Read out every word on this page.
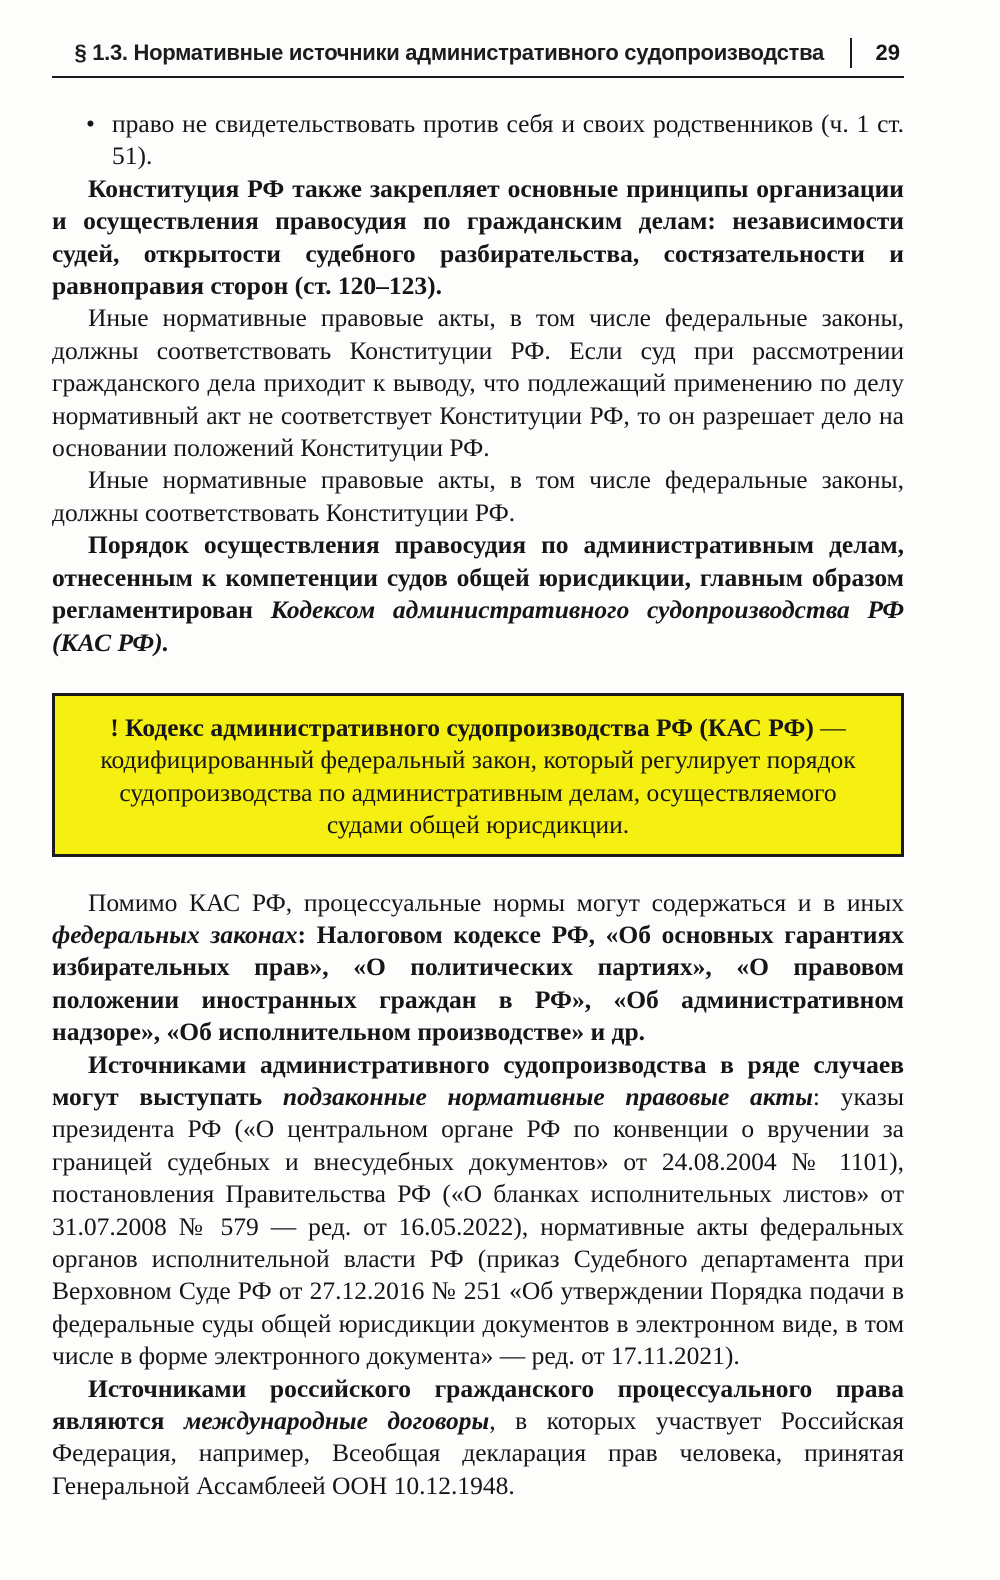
§ 1.3. Нормативные источники административного судопроизводства 29

• право не свидетельствовать против себя и своих родственников (ч. 1 ст. 51).

Конституция РФ также закрепляет основные принципы организации и осуществления правосудия по гражданским делам: независимости судей, открытости судебного разбирательства, состязательности и равноправия сторон (ст. 120–123).

Иные нормативные правовые акты, в том числе федеральные законы, должны соответствовать Конституции РФ. Если суд при рассмотрении гражданского дела приходит к выводу, что подлежащий применению по делу нормативный акт не соответствует Конституции РФ, то он разрешает дело на основании положений Конституции РФ.

Иные нормативные правовые акты, в том числе федеральные законы, должны соответствовать Конституции РФ.

Порядок осуществления правосудия по административным делам, отнесенным к компетенции судов общей юрисдикции, главным образом регламентирован Кодексом административного судопроизводства РФ (КАС РФ).

! Кодекс административного судопроизводства РФ (КАС РФ) — кодифицированный федеральный закон, который регулирует порядок судопроизводства по административным делам, осуществляемого судами общей юрисдикции.

Помимо КАС РФ, процессуальные нормы могут содержаться и в иных федеральных законах: Налоговом кодексе РФ, «Об основных гарантиях избирательных прав», «О политических партиях», «О правовом положении иностранных граждан в РФ», «Об административном надзоре», «Об исполнительном производстве» и др.

Источниками административного судопроизводства в ряде случаев могут выступать подзаконные нормативные правовые акты: указы президента РФ («О центральном органе РФ по конвенции о вручении за границей судебных и внесудебных документов» от 24.08.2004 № 1101), постановления Правительства РФ («О бланках исполнительных листов» от 31.07.2008 № 579 — ред. от 16.05.2022), нормативные акты федеральных органов исполнительной власти РФ (приказ Судебного департамента при Верховном Суде РФ от 27.12.2016 № 251 «Об утверждении Порядка подачи в федеральные суды общей юрисдикции документов в электронном виде, в том числе в форме электронного документа» — ред. от 17.11.2021).

Источниками российского гражданского процессуального права являются международные договоры, в которых участвует Российская Федерация, например, Всеобщая декларация прав человека, принятая Генеральной Ассамблеей ООН 10.12.1948.
